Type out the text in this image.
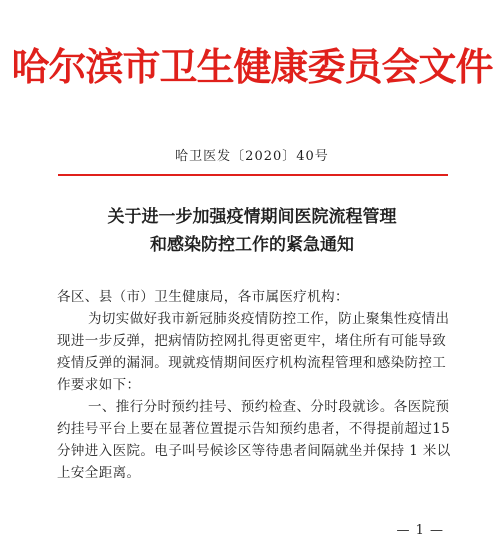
哈尔滨市卫生健康委员会文件
哈卫医发〔2020〕40号
关于进一步加强疫情期间医院流程管理
和感染防控工作的紧急通知
各区、县（市）卫生健康局，各市属医疗机构：
为切实做好我市新冠肺炎疫情防控工作，防止聚集性疫情出
现进一步反弹，把病情防控网扎得更密更牢，堵住所有可能导致
疫情反弹的漏洞。现就疫情期间医疗机构流程管理和感染防控工
作要求如下：
一、推行分时预约挂号、预约检查、分时段就诊。各医院预
约挂号平台上要在显著位置提示告知预约患者，不得提前超过15
分钟进入医院。电子叫号候诊区等待患者间隔就坐并保持 1 米以
上安全距离。
— 1 —
